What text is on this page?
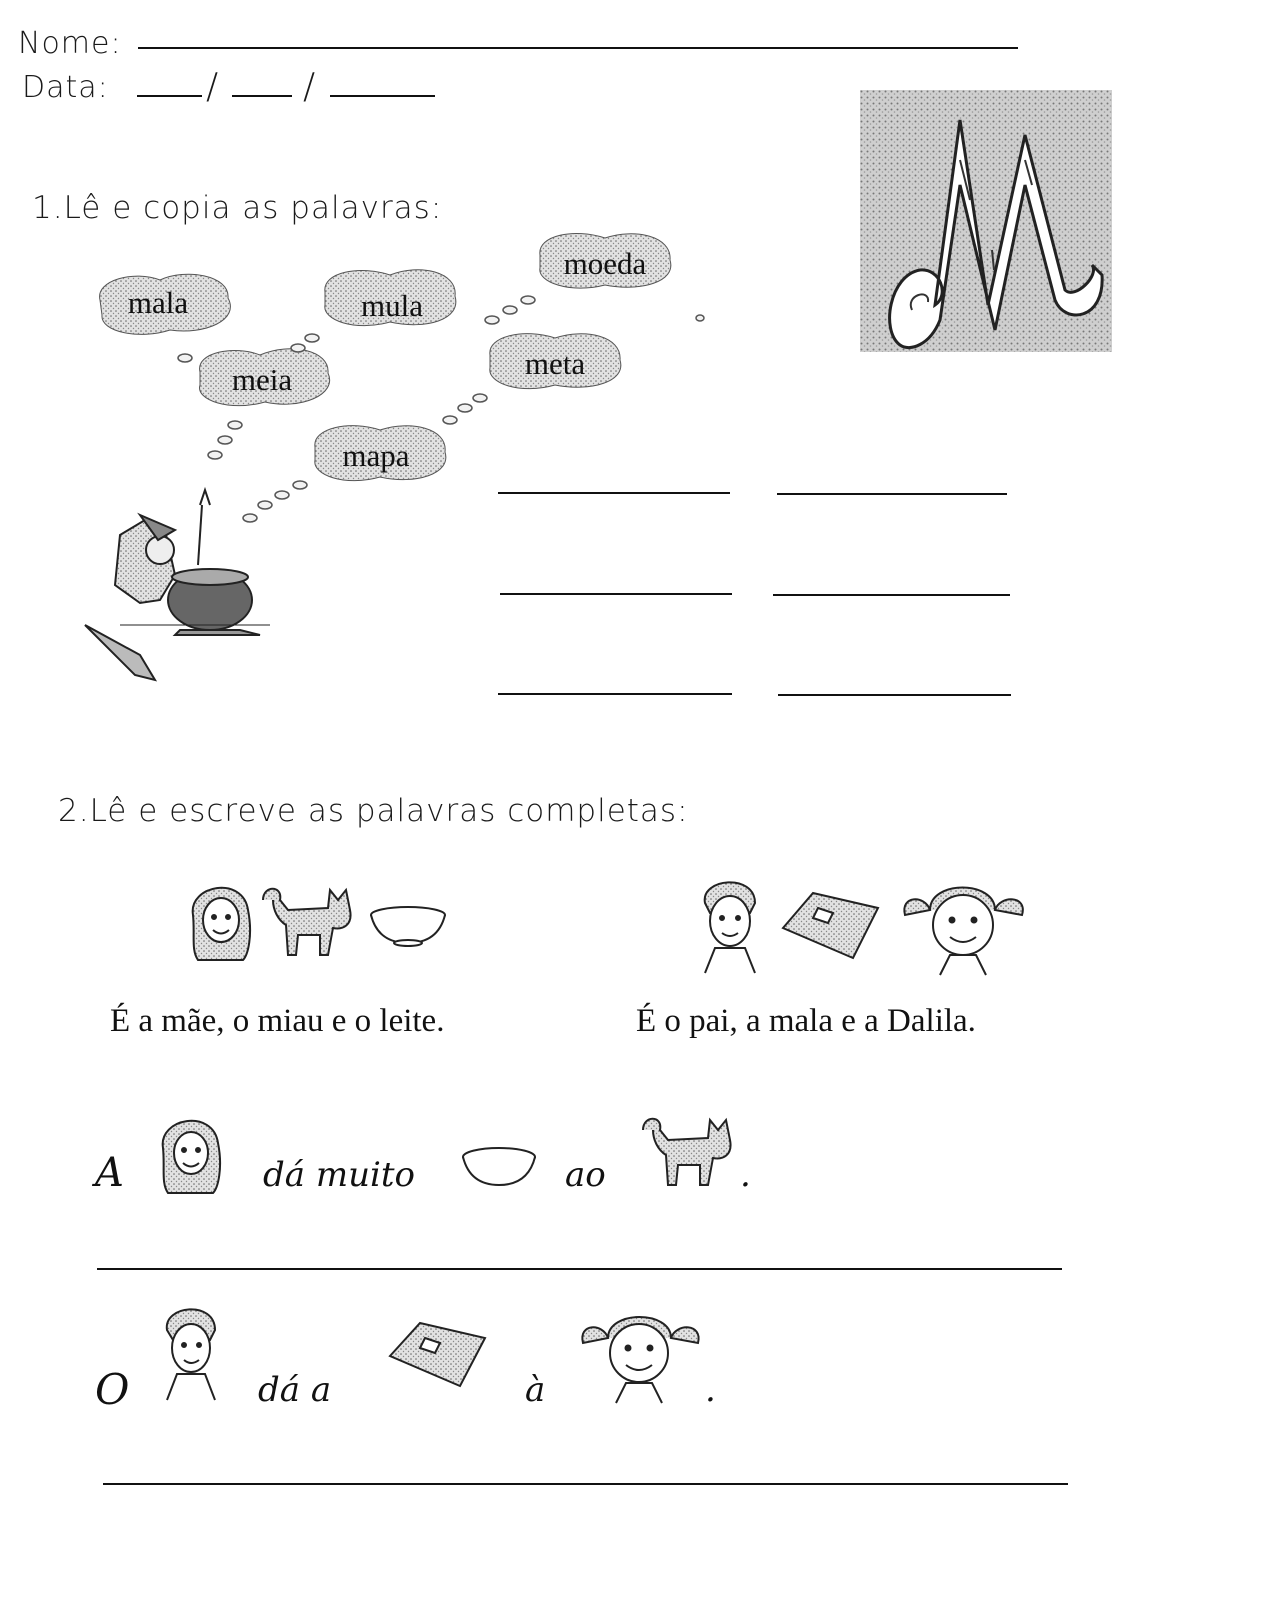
Nome:
Data:	/ /
1.Lê e copia as palavras:
mala
meia
mula
mapa
moeda
meta
2.Lê e escreve as palavras completas:
É a mãe, o miau e o leite.	É o pai, a mala e a Dalila.
A	dá muito	ao	.
O	dá a	à	.
